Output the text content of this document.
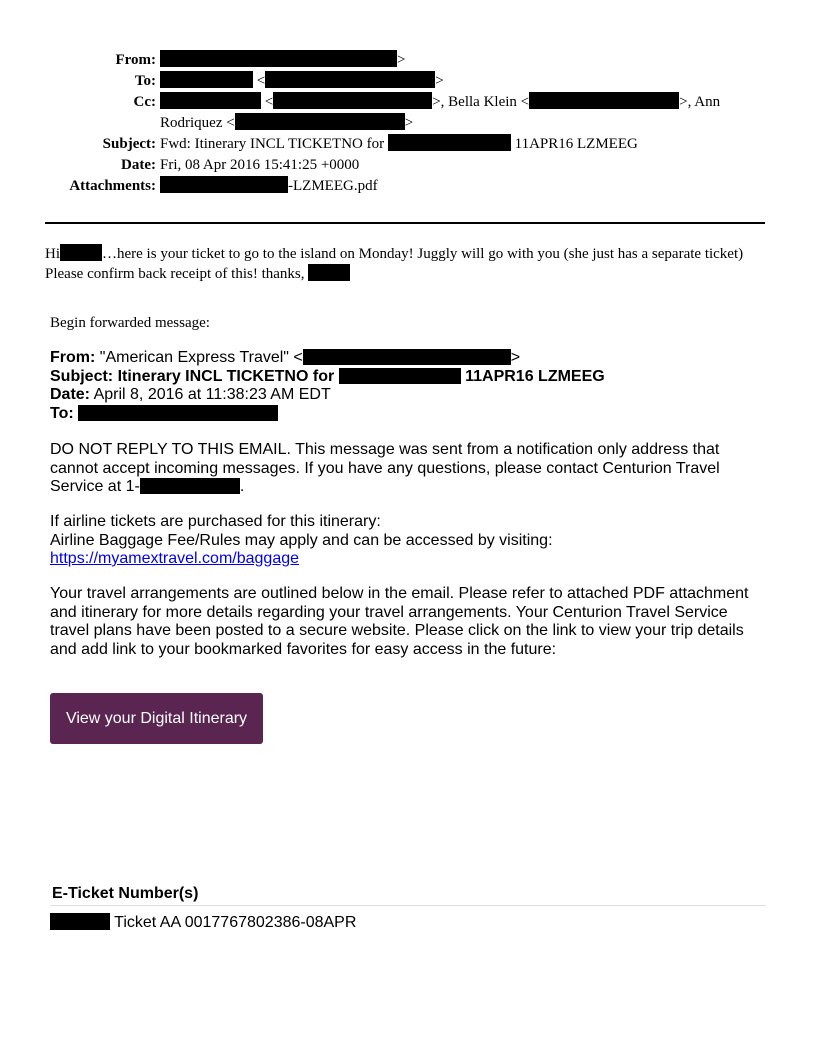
From:	>
To:	<	>
Cc:	<	>, Bella Klein <	>, Ann
Rodriquez <	>
Subject: Fwd: Itinerary INCL TICKETNO for	11APR16 LZMEEG
Date: Fri, 08 Apr 2016 15:41:25 +0000
Attachments:	-LZMEEG.pdf
Hi	…here is your ticket to go to the island on Monday! Juggly will go with you (she just has a separate ticket) Please confirm back receipt of this! thanks,
Begin forwarded message:
From: "American Express Travel" <	>
Subject: Itinerary INCL TICKETNO for	11APR16 LZMEEG
Date: April 8, 2016 at 11:38:23 AM EDT
To:
DO NOT REPLY TO THIS EMAIL. This message was sent from a notification only address that cannot accept incoming messages. If you have any questions, please contact Centurion Travel Service at 1-	.
If airline tickets are purchased for this itinerary:
Airline Baggage Fee/Rules may apply and can be accessed by visiting:
https://myamextravel.com/baggage
Your travel arrangements are outlined below in the email. Please refer to attached PDF attachment and itinerary for more details regarding your travel arrangements. Your Centurion Travel Service travel plans have been posted to a secure website. Please click on the link to view your trip details and add link to your bookmarked favorites for easy access in the future:
View your Digital Itinerary
E-Ticket Number(s)
Ticket AA 0017767802386-08APR
